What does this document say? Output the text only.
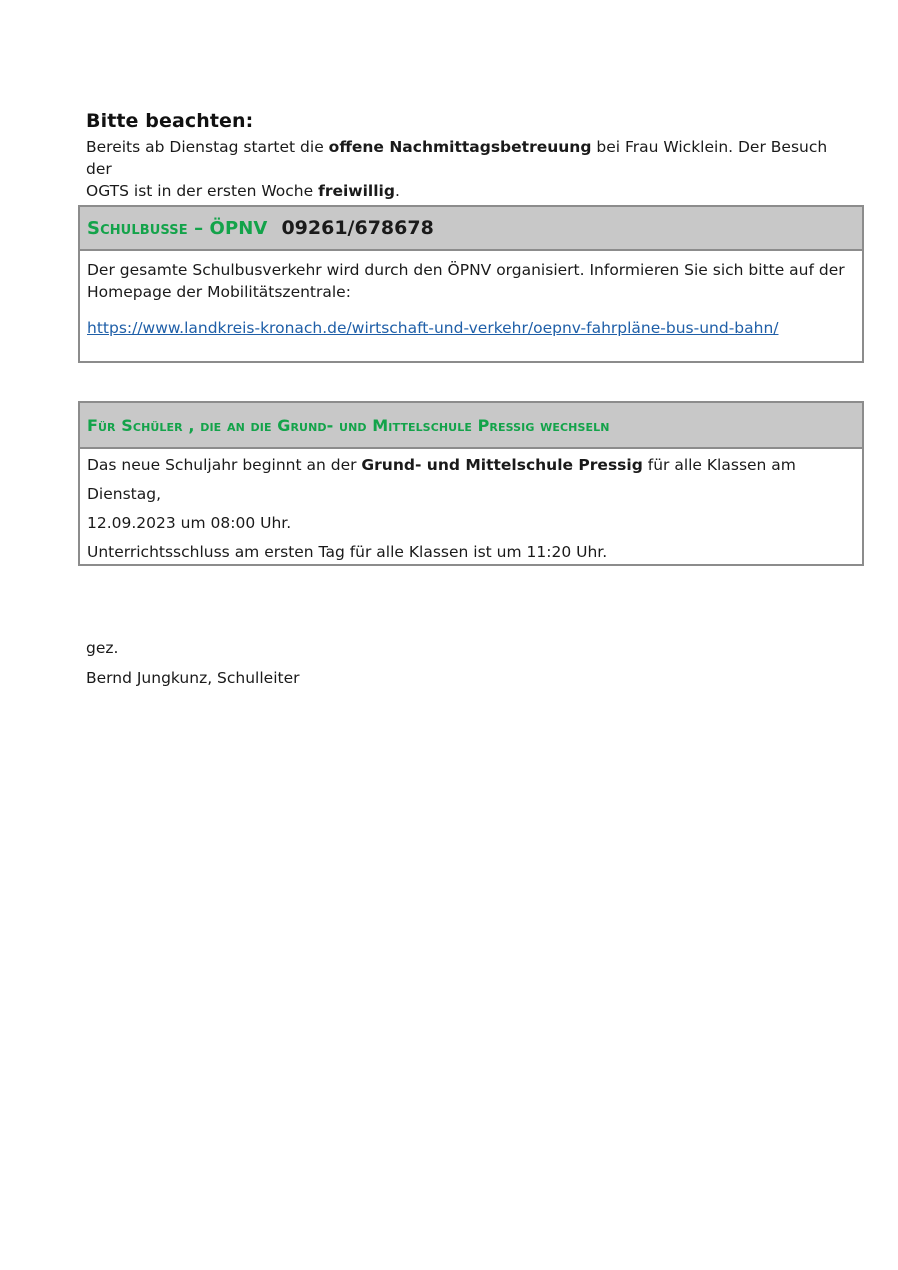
Bitte beachten:

Bereits ab Dienstag startet die offene Nachmittagsbetreuung bei Frau Wicklein. Der Besuch der
OGTS ist in der ersten Woche freiwillig.

Schulbusse – ÖPNV 09261/678678

Der gesamte Schulbusverkehr wird durch den ÖPNV organisiert. Informieren Sie sich bitte auf der Homepage der Mobilitätszentrale:

https://www.landkreis-kronach.de/wirtschaft-und-verkehr/oepnv-fahrpläne-bus-und-bahn/

Für Schüler , die an die Grund- und Mittelschule Pressig wechseln

Das neue Schuljahr beginnt an der Grund- und Mittelschule Pressig für alle Klassen am Dienstag,

12.09.2023 um 08:00 Uhr.

Unterrichtsschluss am ersten Tag für alle Klassen ist um 11:20 Uhr.

gez.

Bernd Jungkunz, Schulleiter
